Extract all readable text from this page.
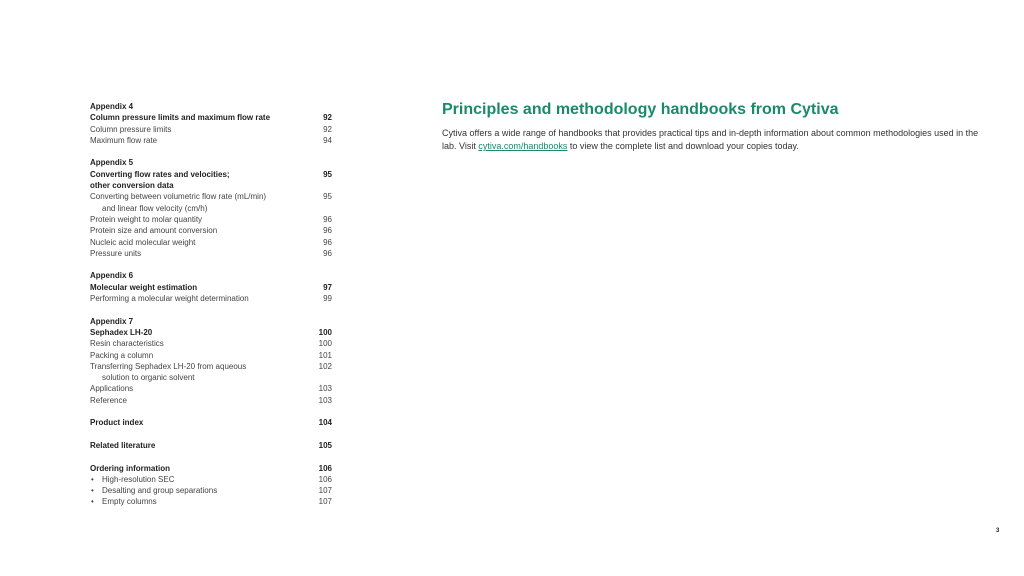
Appendix 4
Column pressure limits and maximum flow rate	92
Column pressure limits	92
Maximum flow rate	94
Appendix 5
Converting flow rates and velocities;	95
other conversion data
Converting between volumetric flow rate (mL/min)	95
and linear flow velocity (cm/h)
Protein weight to molar quantity	96
Protein size and amount conversion	96
Nucleic acid molecular weight	96
Pressure units	96
Appendix 6
Molecular weight estimation	97
Performing a molecular weight determination	99
Appendix 7
Sephadex LH-20	100
Resin characteristics	100
Packing a column	101
Transferring Sephadex LH-20 from aqueous	102
solution to organic solvent
Applications	103
Reference	103
Product index	104
Related literature	105
Ordering information	106
• High-resolution SEC	106
• Desalting and group separations	107
• Empty columns	107
Principles and methodology handbooks from Cytiva

Cytiva offers a wide range of handbooks that provides practical tips and in-depth information about common methodologies used in the lab. Visit cytiva.com/handbooks to view the complete list and download your copies today.

3
